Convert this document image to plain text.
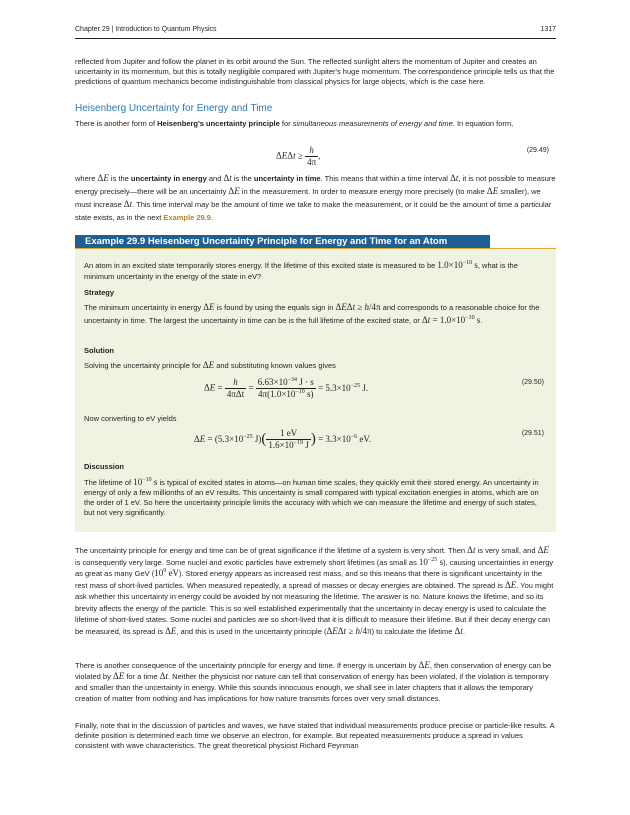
Chapter 29 | Introduction to Quantum Physics	1317

reflected from Jupiter and follow the planet in its orbit around the Sun. The reflected sunlight alters the momentum of Jupiter and creates an uncertainty in its momentum, but this is totally negligible compared with Jupiter's huge momentum. The correspondence principle tells us that the predictions of quantum mechanics become indistinguishable from classical physics for large objects, which is the case here.

Heisenberg Uncertainty for Energy and Time

There is another form of Heisenberg's uncertainty principle for simultaneous measurements of energy and time. In equation form,

$\Delta E\Delta t \ge \frac{h}{4\pi}$ ,
(29.49)

where ΔE is the uncertainty in energy and Δt is the uncertainty in time. This means that within a time interval Δt, it is not possible to measure energy precisely—there will be an uncertainty ΔE in the measurement. In order to measure energy more precisely (to make ΔE smaller), we must increase Δt. This time interval may be the amount of time we take to make the measurement, or it could be the amount of time a particular state exists, as in the next Example 29.9.

Example 29.9 Heisenberg Uncertainty Principle for Energy and Time for an Atom

An atom in an excited state temporarily stores energy. If the lifetime of this excited state is measured to be $1.0\times 10^{-10}$ s, what is the minimum uncertainty in the energy of the state in eV?

Strategy

The minimum uncertainty in energy ΔE is found by using the equals sign in ΔEΔt ≥ h/4π and corresponds to a reasonable choice for the uncertainty in time. The largest the uncertainty in time can be is the full lifetime of the excited state, or $\Delta t = 1.0\times 10^{-10}$ s.

Solution

Solving the uncertainty principle for ΔE and substituting known values gives

$\Delta E = \frac{h}{\text{4πΔt}} = \frac{6.63\times 10^{-34} J \cdot s}{4\pi(1.0\times 10^{-10} s)} = 5.3\times 10^{-25}$ J.
(29.50)

Now converting to eV yields

$\Delta E = (5.3\times 10^{-25}$ $J)( \frac{1 eV}{1.6\times 10^{-19} J}$ ) = $3.3\times 10^{-6}$ eV.
(29.51)
Discussion

The lifetime of $10^{-10}$ s is typical of excited states in atoms—on human time scales, they quickly emit their stored energy. An uncertainty in energy of only a few millionths of an eV results. This uncertainty is small compared with typical excitation energies in atoms, which are on the order of 1 eV. So here the uncertainty principle limits the accuracy with which we can measure the lifetime and energy of such states, but not very significantly.

The uncertainty principle for energy and time can be of great significance if the lifetime of a system is very short. Then Δt is very small, and ΔE is consequently very large. Some nuclei and exotic particles have extremely short lifetimes (as small as $10^{-25}$ s), causing uncertainties in energy as great as many GeV ($10^9$ eV). Stored energy appears as increased rest mass, and so this means that there is significant uncertainty in the rest mass of short-lived particles. When measured repeatedly, a spread of masses or decay energies are obtained. The spread is ΔE. You might ask whether this uncertainty in energy could be avoided by not measuring the lifetime. The answer is no. Nature knows the lifetime, and so its brevity affects the energy of the particle. This is so well established experimentally that the uncertainty in decay energy is used to calculate the lifetime of short-lived states. Some nuclei and particles are so short-lived that it is difficult to measure their lifetime. But if their decay energy can be measured, its spread is ΔE, and this is used in the uncertainty principle (ΔEΔt ≥ h/4π) to calculate the lifetime Δt.

There is another consequence of the uncertainty principle for energy and time. If energy is uncertain by ΔE, then conservation of energy can be violated by ΔE for a time Δt. Neither the physicist nor nature can tell that conservation of energy has been violated, if the violation is temporary and smaller than the uncertainty in energy. While this sounds innocuous enough, we shall see in later chapters that it allows the temporary creation of matter from nothing and has implications for how nature transmits forces over very small distances.

Finally, note that in the discussion of particles and waves, we have stated that individual measurements produce precise or particle-like results. A definite position is determined each time we observe an electron, for example. But repeated measurements produce a spread in values consistent with wave characteristics. The great theoretical physicist Richard Feynman
